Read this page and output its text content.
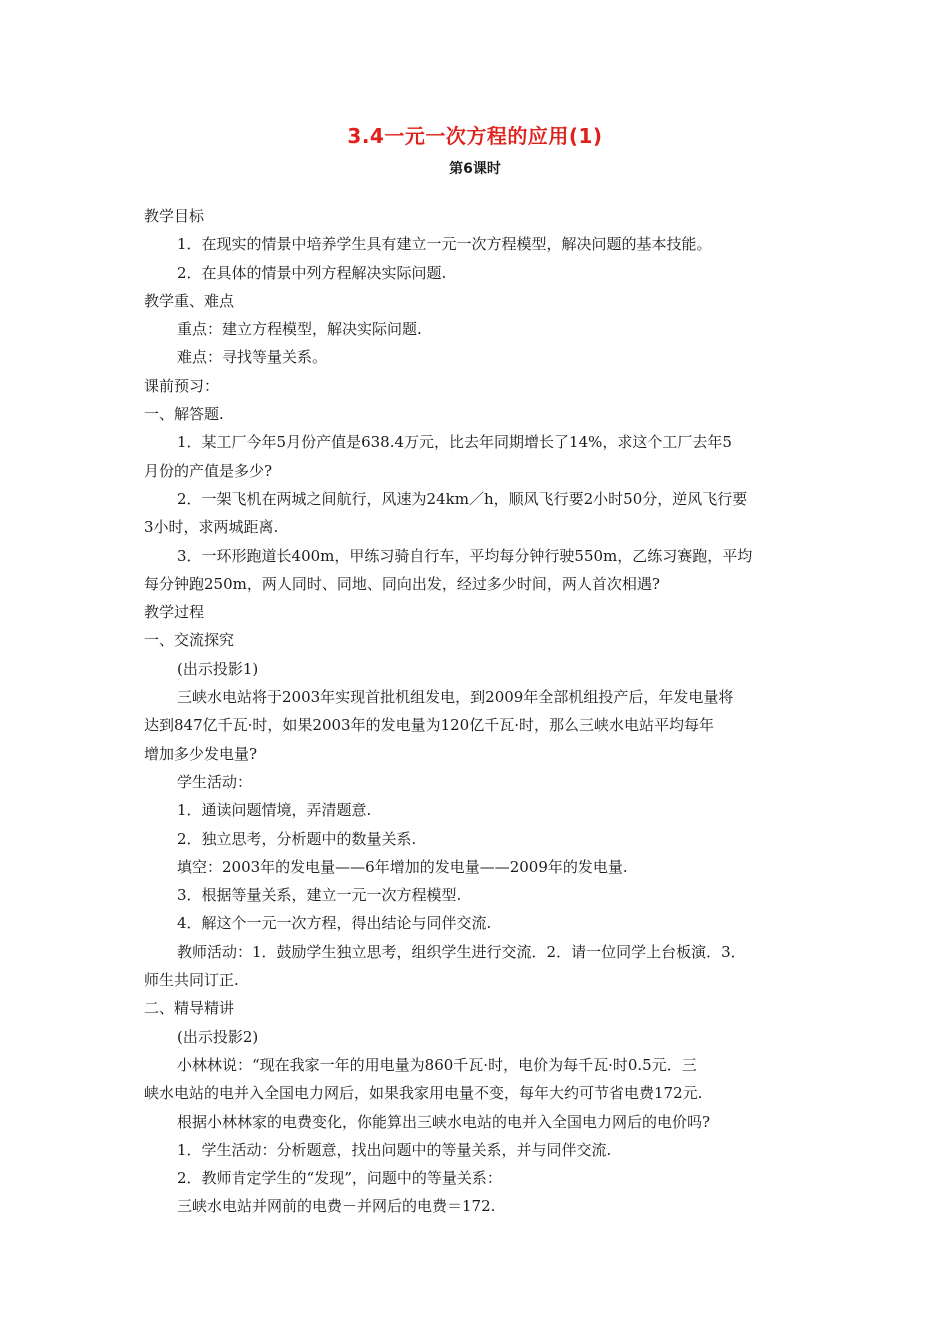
3.4一元一次方程的应用(1)
第6课时
教学目标
1．在现实的情景中培养学生具有建立一元一次方程模型，解决问题的基本技能。
2．在具体的情景中列方程解决实际问题.
教学重、难点
重点：建立方程模型，解决实际问题.
难点：寻找等量关系。
课前预习：
一、解答题.
1．某工厂今年5月份产值是638.4万元，比去年同期增长了14%，求这个工厂去年5
月份的产值是多少?
2．一架飞机在两城之间航行，风速为24km／h，顺风飞行要2小时50分，逆风飞行要
3小时，求两城距离.
3．一环形跑道长400m，甲练习骑自行车，平均每分钟行驶550m，乙练习赛跑，平均
每分钟跑250m，两人同时、同地、同向出发，经过多少时间，两人首次相遇?
教学过程
一、交流探究
(出示投影1)
三峡水电站将于2003年实现首批机组发电，到2009年全部机组投产后，年发电量将
达到847亿千瓦·时，如果2003年的发电量为120亿千瓦·时，那么三峡水电站平均每年
增加多少发电量?
学生活动：
1．通读问题情境，弄清题意.
2．独立思考，分析题中的数量关系.
填空：2003年的发电量——6年增加的发电量——2009年的发电量.
3．根据等量关系，建立一元一次方程模型.
4．解这个一元一次方程，得出结论与同伴交流.
教师活动：1．鼓励学生独立思考，组织学生进行交流．2．请一位同学上台板演．3．
师生共同订正.
二、精导精讲
(出示投影2)
小林林说：“现在我家一年的用电量为860千瓦·时，电价为每千瓦·时0.5元．三
峡水电站的电并入全国电力网后，如果我家用电量不变，每年大约可节省电费172元.
根据小林林家的电费变化，你能算出三峡水电站的电并入全国电力网后的电价吗?
1．学生活动：分析题意，找出问题中的等量关系，并与同伴交流.
2．教师肯定学生的“发现”，问题中的等量关系：
三峡水电站并网前的电费－并网后的电费＝172.
